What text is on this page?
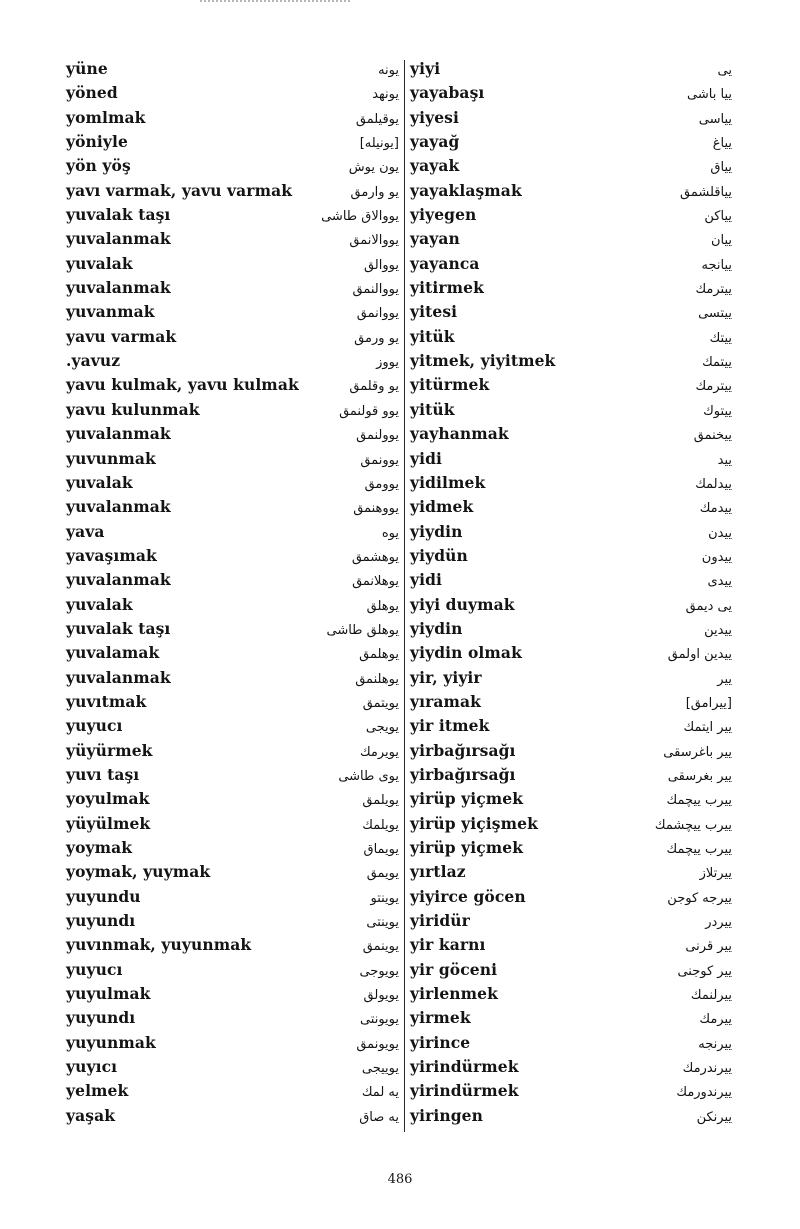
yüne	یونه
yöned	یونهد
yomlmak	یوقیلمق
yöniyle	[یونیله]
yön yöş	یون یوش
yavı varmak, yavu varmak	یو وارمق
yuvalak taşı	یووالاق طاشی
yuvalanmak	یووالانمق
yuvalak	یووالق
yuvalanmak	یووالنمق
yuvanmak	یووانمق
yavu varmak	یو ورمق
.yavuz	یووز
yavu kulmak, yavu kulmak	یو وقلمق
yavu kulunmak	یوو قولنمق
yuvalanmak	یوولنمق
yuvunmak	یوونمق
yuvalak	یوومق
yuvalanmak	یووهنمق
yava	یوه
yavaşımak	یوهشمق
yuvalanmak	یوهلانمق
yuvalak	یوهلق
yuvalak taşı	یوهلق طاشی
yuvalamak	یوهلمق
yuvalanmak	یوهلنمق
yuvıtmak	یویتمق
yuyucı	یویجی
yüyürmek	یویرمك
yuvı taşı	یوی طاشی
yoyulmak	یویلمق
yüyülmek	یویلمك
yoymak	یویماق
yoymak, yuymak	یویمق
yuyundu	یوینتو
yuyundı	یوینتی
yuvınmak, yuyunmak	یوینمق
yuyucı	یویوجی
yuyulmak	یویولق
yuyundı	یویونتی
yuyunmak	یویونمق
yuyıcı	یوییجی
yelmek	یه لمك
yaşak	یه صاق
yiyi	یی
yayabaşı	ییا باشی
yiyesi	ییاسی
yayağ	ییاغ
yayak	ییاق
yayaklaşmak	ییاقلشمق
yiyegen	ییاکن
yayan	ییان
yayanca	ییانجه
yitirmek	ییترمك
yitesi	ییتسی
yitük	ییتك
yitmek, yiyitmek	ییتمك
yitürmek	ییترمك
yitük	ییتوك
yayhanmak	ییخنمق
yidi	یید
yidilmek	ییدلمك
yidmek	ییدمك
yiydin	ییدن
yiydün	ییدون
yidi	ییدی
yiyi duymak	یی دیمق
yiydin	ییدین
yiydin olmak	ییدین اولمق
yir, yiyir	ییر
yıramak	[ییرامق]
yir itmek	ییر ایتمك
yirbağırsağı	ییر باغرسقی
yirbağırsağı	ییر بغرسقی
yirüp yiçmek	ییرب ییچمك
yirüp yiçişmek	ییرب ییچشمك
yirüp yiçmek	ییرب ییچمك
yırtlaz	ییرتلاز
yiyirce göcen	ییرجه کوجن
yiridür	ییردر
yir karnı	ییر قرنی
yir göceni	ییر کوجنی
yirlenmek	ییرلنمك
yirmek	ییرمك
yirince	ییرنجه
yirindürmek	ییرندرمك
yirindürmek	ییرندورمك
yiringen	ییرنکن
486
